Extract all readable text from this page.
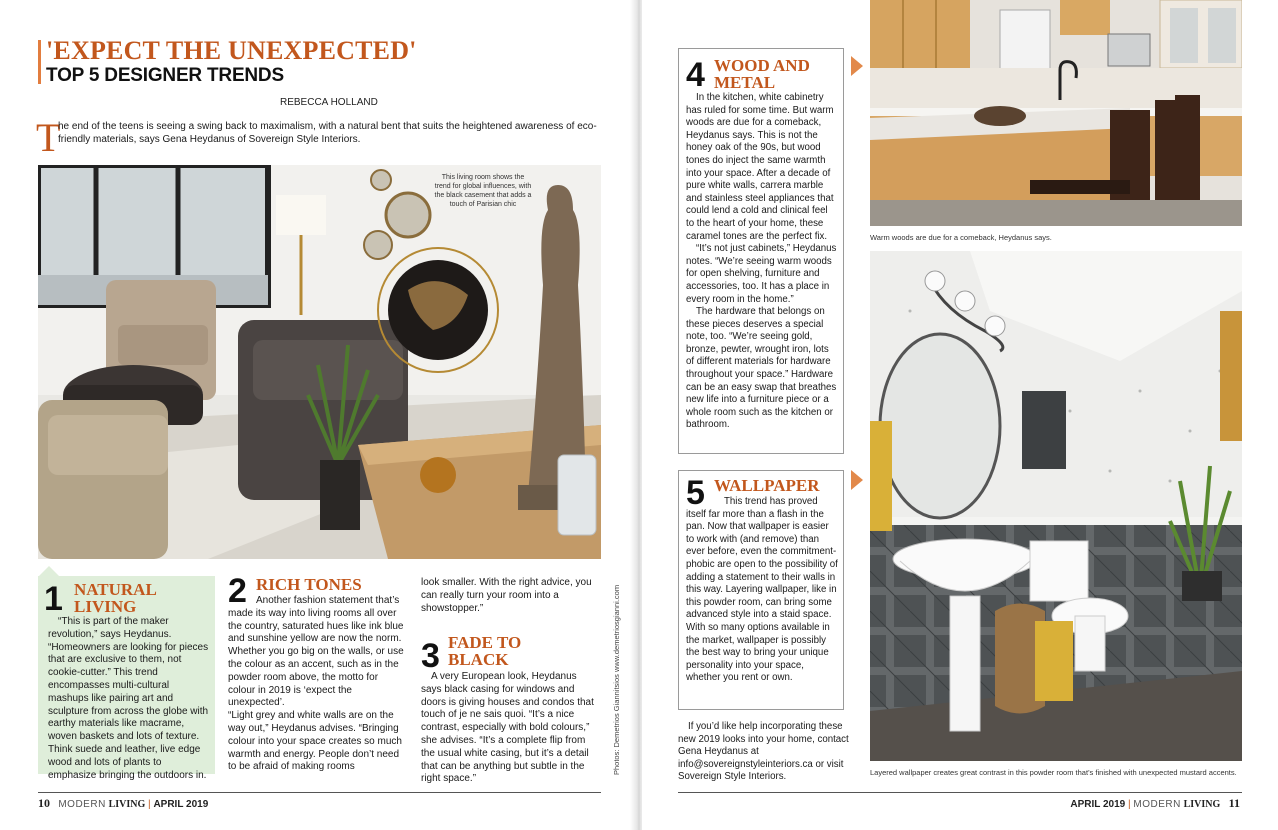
'EXPECT THE UNEXPECTED'
TOP 5 DESIGNER TRENDS
REBECCA HOLLAND
T
he end of the teens is seeing a swing back to maximalism, with a natural bent that suits the heightened awareness of eco-friendly materials, says Gena Heydanus of Sovereign Style Interiors.
This living room shows the trend for global influences, with the black casement that adds a touch of Parisian chic
1 NATURAL
LIVING

“This is part of the maker revolution,” says Heydanus. “Homeowners are looking for pieces that are exclusive to them, not cookie-cutter.” This trend encompasses multi-cultural mashups like pairing art and sculpture from across the globe with earthy materials like macrame, woven baskets and lots of texture. Think suede and leather, live edge wood and lots of plants to emphasize bringing the outdoors in.

2 RICH TONES

Another fashion statement that’s made its way into living rooms all over the country, saturated hues like ink blue and sunshine yellow are now the norm. Whether you go big on the walls, or use the colour as an accent, such as in the powder room above, the motto for colour in 2019 is ‘expect the unexpected’.

“Light grey and white walls are on the way out,” Heydanus advises. “Bringing colour into your space creates so much warmth and energy. People don’t need to be afraid of making rooms

look smaller. With the right advice, you can really turn your room into a showstopper.”
3 FADE TO
BLACK

A very European look, Heydanus says black casing for windows and doors is giving houses and condos that touch of je ne sais quoi. “It’s a nice contrast, especially with bold colours,” she advises. “It’s a complete flip from the usual white casing, but it’s a detail that can be anything but subtle in the right space.”

Photos: Demetrios Giannitsios www.demetriosgianni.com
10 MODERN LIVING | APRIL 2019
4 WOOD AND
METAL

In the kitchen, white cabinetry has ruled for some time. But warm woods are due for a comeback, Heydanus says. This is not the honey oak of the 90s, but wood tones do inject the same warmth into your space. After a decade of pure white walls, carrera marble and stainless steel appliances that could lend a cold and clinical feel to the heart of your home, these caramel tones are the perfect fix.

“It’s not just cabinets,” Heydanus notes. “We’re seeing warm woods for open shelving, furniture and accessories, too. It has a place in every room in the home.”

The hardware that belongs on these pieces deserves a special note, too. “We’re seeing gold, bronze, pewter, wrought iron, lots of different materials for hardware throughout your space.” Hardware can be an easy swap that breathes new life into a furniture piece or a whole room such as the kitchen or bathroom.

5 WALLPAPER

This trend has proved itself far more than a flash in the pan. Now that wallpaper is easier to work with (and remove) than ever before, even the commitment-phobic are open to the possibility of adding a statement to their walls in this way. Layering wallpaper, like in this powder room, can bring some advanced style into a staid space. With so many options available in the market, wallpaper is possibly the best way to bring your unique personality into your space, whether you rent or own.

If you’d like help incorporating these new 2019 looks into your home, contact Gena Heydanus at info@sovereignstyleinteriors.ca or visit Sovereign Style Interiors.
Warm woods are due for a comeback, Heydanus says.
Layered wallpaper creates great contrast in this powder room that’s finished with unexpected mustard accents.
APRIL 2019 | MODERN LIVING 11
